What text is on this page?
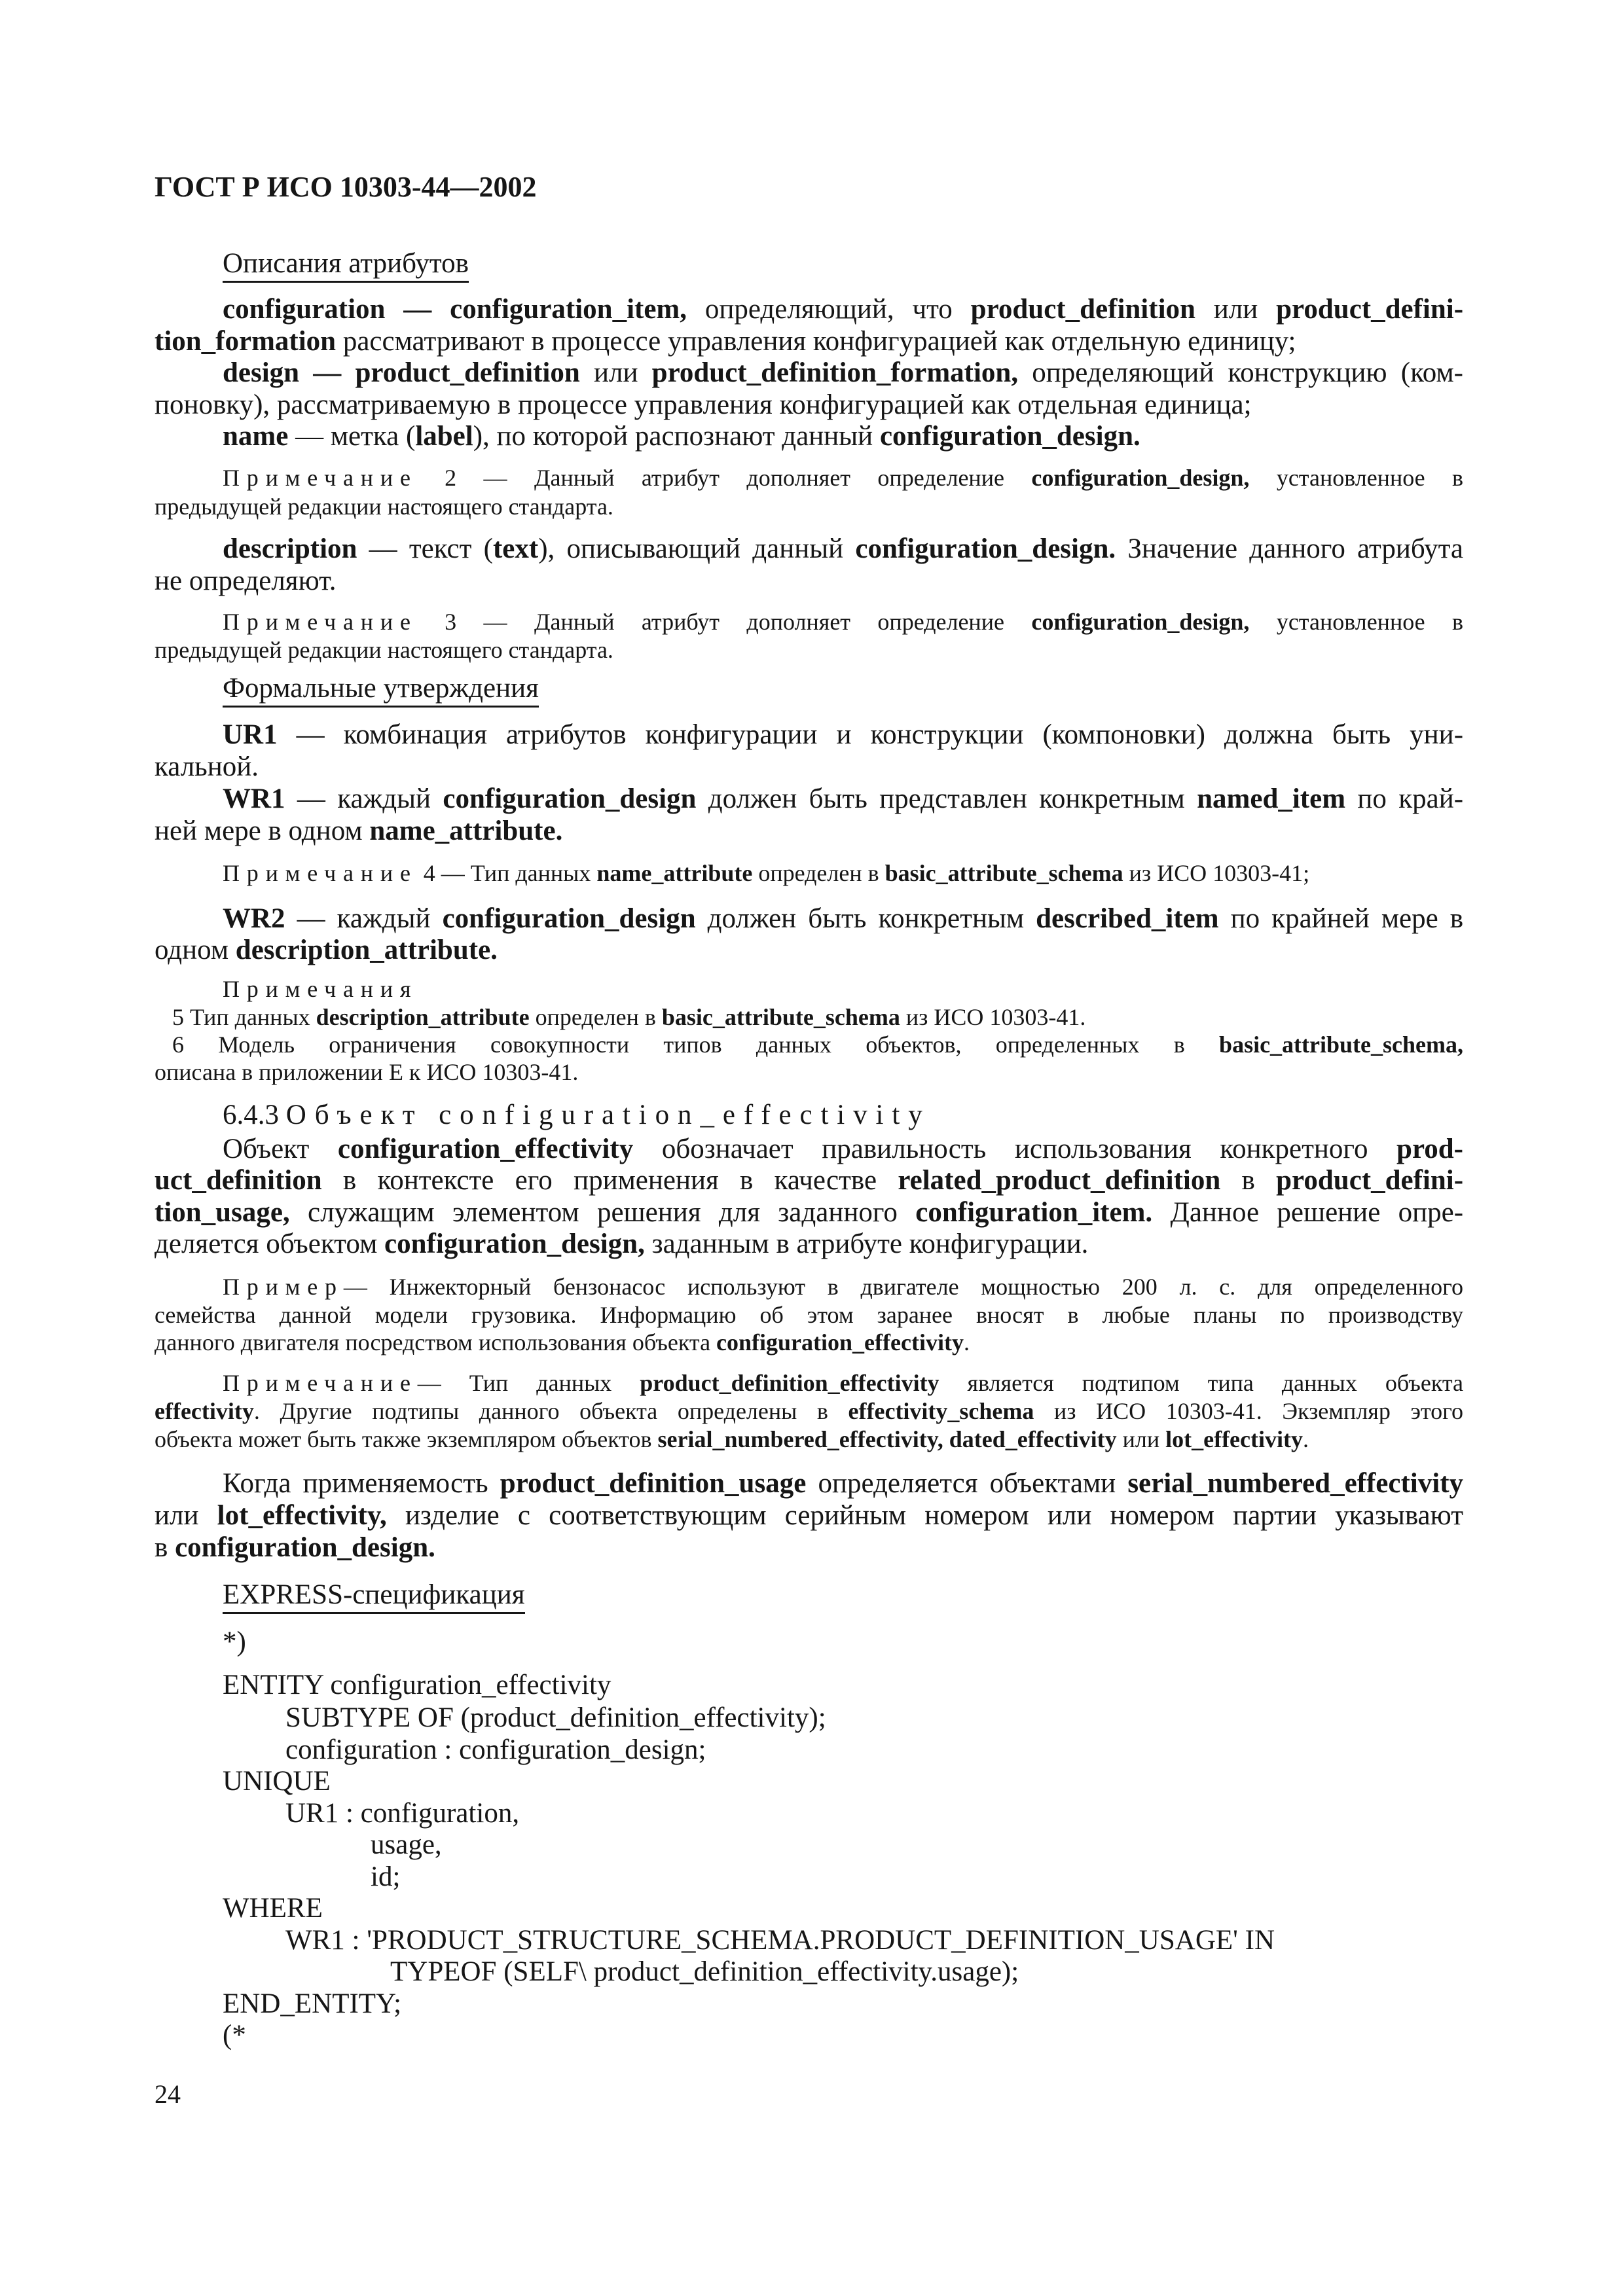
ГОСТ Р ИСО 10303-44—2002
Описания атрибутов
configuration — configuration_item, определяющий, что product_definition или product_defini-
tion_formation рассматривают в процессе управления конфигурацией как отдельную единицу;
design — product_definition или product_definition_formation, определяющий конструкцию (ком-
поновку), рассматриваемую в процессе управления конфигурацией как отдельная единица;
name — метка (label), по которой распознают данный configuration_design.
Примечание 2 — Данный атрибут дополняет определение configuration_design, установленное в
предыдущей редакции настоящего стандарта.
description — текст (text), описывающий данный configuration_design. Значение данного атрибута
не определяют.
Примечание 3 — Данный атрибут дополняет определение configuration_design, установленное в
предыдущей редакции настоящего стандарта.
Формальные утверждения
UR1 — комбинация атрибутов конфигурации и конструкции (компоновки) должна быть уни-
кальной.
WR1 — каждый configuration_design должен быть представлен конкретным named_item по край-
ней мере в одном name_attribute.
Примечание 4 — Тип данных name_attribute определен в basic_attribute_schema из ИСО 10303-41;
WR2 — каждый configuration_design должен быть конкретным described_item по крайней мере в
одном description_attribute.
Примечания
5 Тип данных description_attribute определен в basic_attribute_schema из ИСО 10303-41.
6 Модель ограничения совокупности типов данных объектов, определенных в basic_attribute_schema,
описана в приложении Е к ИСО 10303-41.
6.4.3 Объект configuration_effectivity
Объект configuration_effectivity обозначает правильность использования конкретного prod-
uct_definition в контексте его применения в качестве related_product_definition в product_defini-
tion_usage, служащим элементом решения для заданного configuration_item. Данное решение опре-
деляется объектом configuration_design, заданным в атрибуте конфигурации.
Пример— Инжекторный бензонасос используют в двигателе мощностью 200 л. с. для определенного
семейства данной модели грузовика. Информацию об этом заранее вносят в любые планы по производству
данного двигателя посредством использования объекта configuration_effectivity.
Примечание— Тип данных product_definition_effectivity является подтипом типа данных объекта
effectivity. Другие подтипы данного объекта определены в effectivity_schema из ИСО 10303-41. Экземпляр этого
объекта может быть также экземпляром объектов serial_numbered_effectivity, dated_effectivity или lot_effectivity.
Когда применяемость product_definition_usage определяется объектами serial_numbered_effectivity
или lot_effectivity, изделие с соответствующим серийным номером или номером партии указывают
в configuration_design.
EXPRESS-спецификация
*)
ENTITY configuration_effectivity
SUBTYPE OF (product_definition_effectivity);
configuration : configuration_design;
UNIQUE
UR1 : configuration,
usage,
id;
WHERE
WR1 : 'PRODUCT_STRUCTURE_SCHEMA.PRODUCT_DEFINITION_USAGE' IN
TYPEOF (SELF\ product_definition_effectivity.usage);
END_ENTITY;
(*
24
